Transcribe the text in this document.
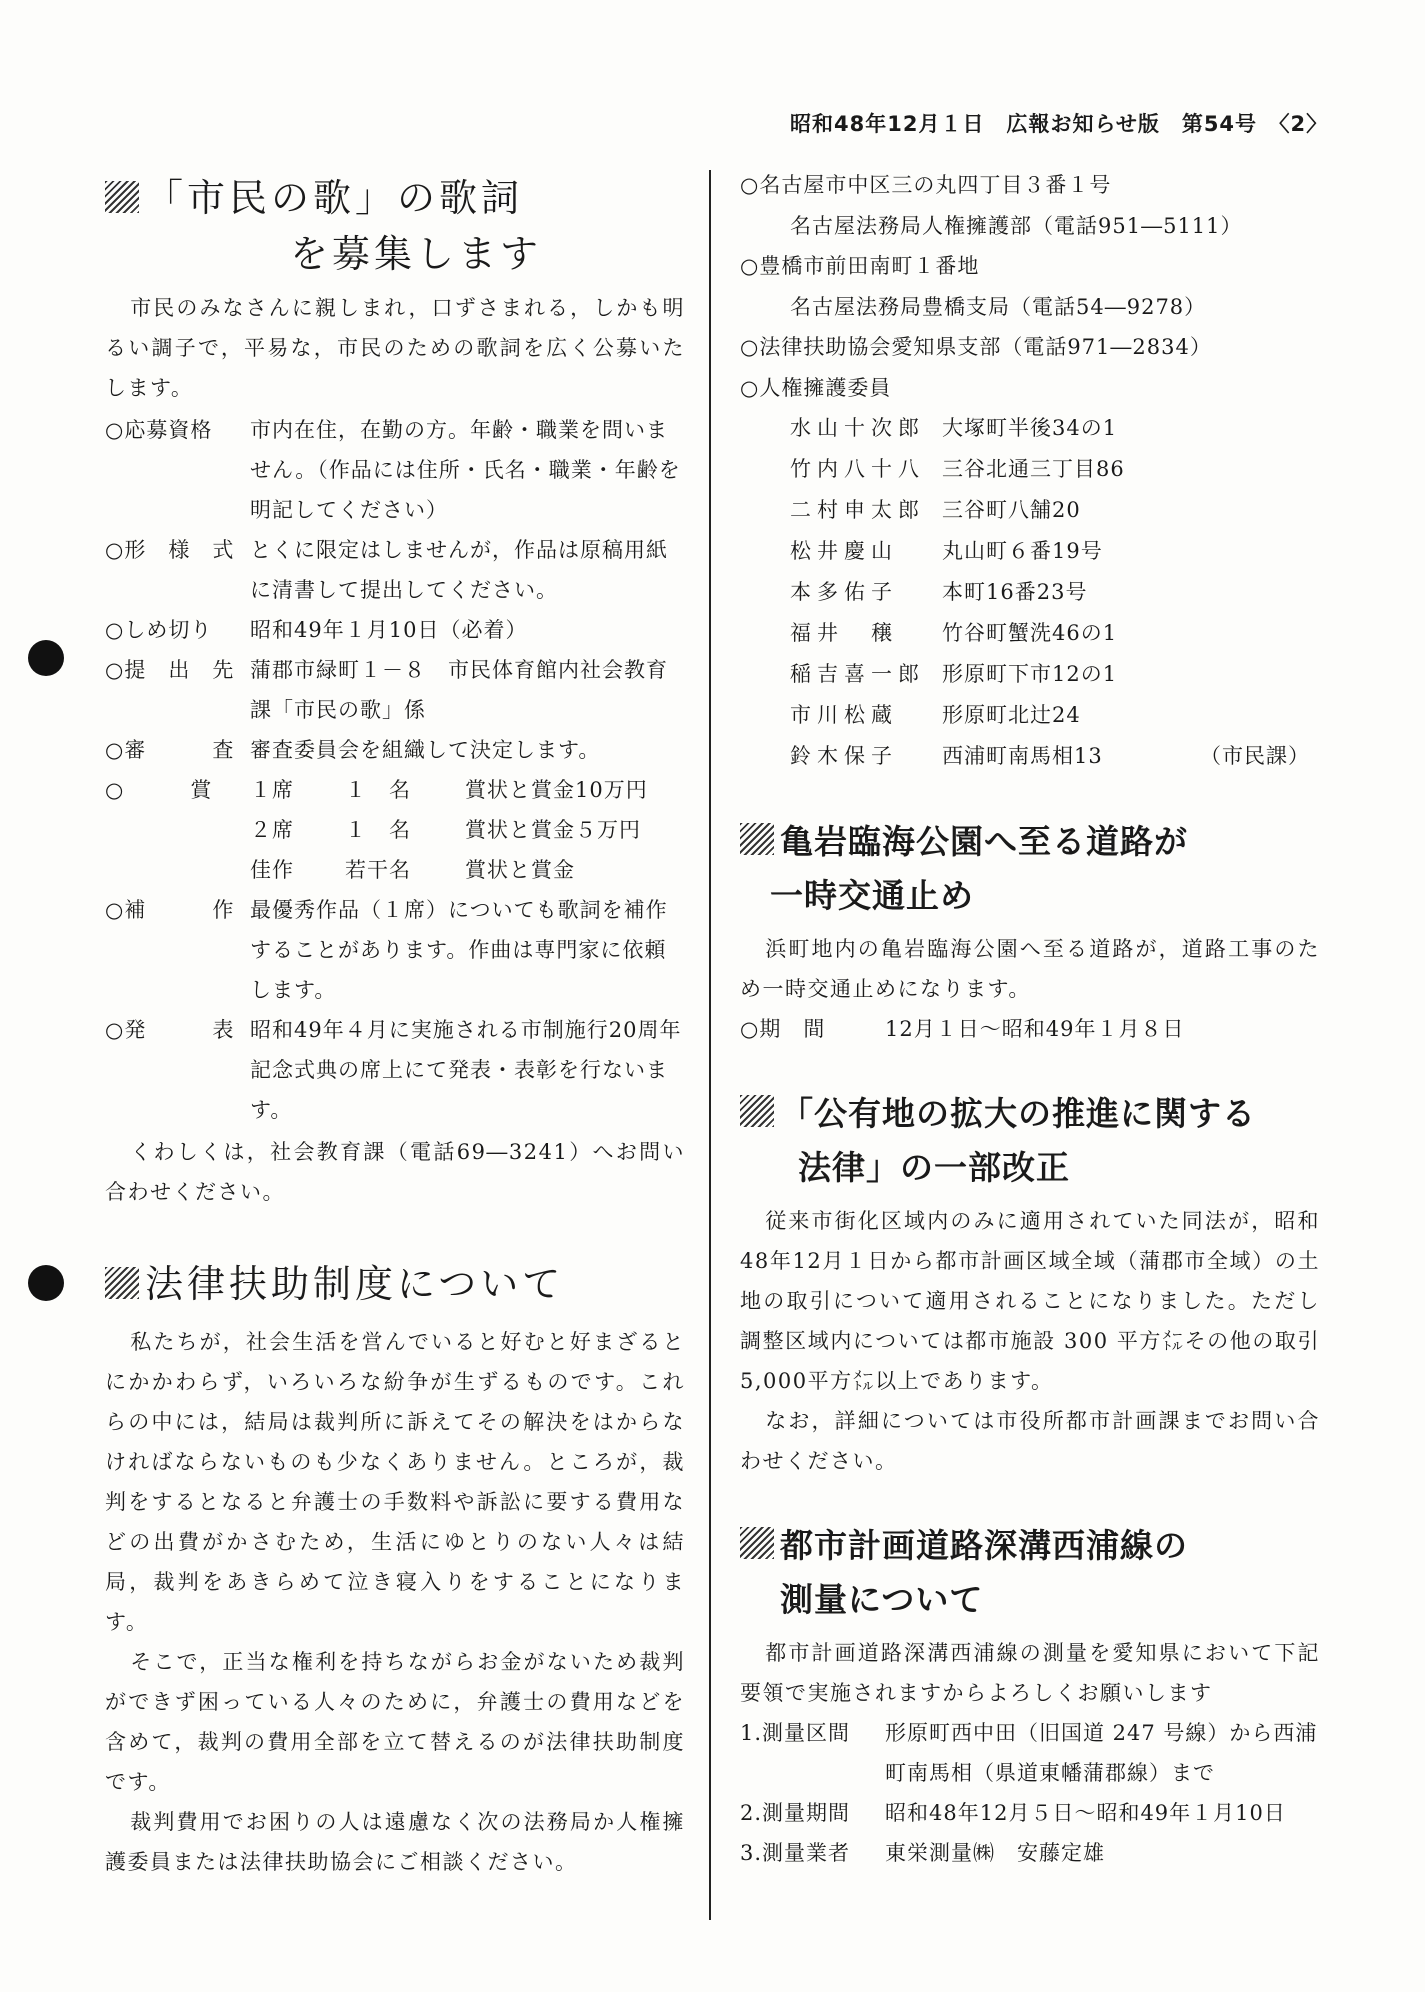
昭和48年12月１日　広報お知らせ版　第54号　〈2〉
「市民の歌」の歌詞
を募集します

市民のみなさんに親しまれ，口ずさまれる，しかも明るい調子で，平易な，市民のための歌詞を広く公募いたします。

○応募資格	市内在住，在勤の方。年齢・職業を問いません。（作品には住所・氏名・職業・年齢を明記してください）
○形　様　式 とくに限定はしませんが，作品は原稿用紙に清書して提出してください。
○しめ切り	昭和49年１月10日（必着）
○提　出　先 蒲郡市緑町１－８　市民体育館内社会教育課「市民の歌」係
○審　　　査 審査委員会を組織して決定します。
○　　　賞	１席	１　名	賞状と賞金10万円
２席	１　名	賞状と賞金５万円
佳作	若干名	賞状と賞金
○補　　　作 最優秀作品（１席）についても歌詞を補作することがあります。作曲は専門家に依頼します。
○発　　　表 昭和49年４月に実施される市制施行20周年記念式典の席上にて発表・表彰を行ないます。

くわしくは，社会教育課（電話69―3241）へお問い合わせください。

法律扶助制度について

私たちが，社会生活を営んでいると好むと好まざるとにかかわらず，いろいろな紛争が生ずるものです。これらの中には，結局は裁判所に訴えてその解決をはからなければならないものも少なくありません。ところが，裁判をするとなると弁護士の手数料や訴訟に要する費用などの出費がかさむため，生活にゆとりのない人々は結局，裁判をあきらめて泣き寝入りをすることになります。

そこで，正当な権利を持ちながらお金がないため裁判ができず困っている人々のために，弁護士の費用などを含めて，裁判の費用全部を立て替えるのが法律扶助制度です。

裁判費用でお困りの人は遠慮なく次の法務局か人権擁護委員または法律扶助協会にご相談ください。

○名古屋市中区三の丸四丁目３番１号
名古屋法務局人権擁護部（電話951―5111）
○豊橋市前田南町１番地
名古屋法務局豊橋支局（電話54―9278）
○法律扶助協会愛知県支部（電話971―2834）
○人権擁護委員
水山十次郎 大塚町半後34の1
竹内八十八 三谷北通三丁目86
二村申太郎 三谷町八舗20
松井慶山	丸山町６番19号
本多佑子	本町16番23号
福井　穣	竹谷町蟹洗46の1
稲吉喜一郎 形原町下市12の1
市川松蔵	形原町北辻24
鈴木保子	西浦町南馬相13	（市民課）
亀岩臨海公園へ至る道路が
一時交通止め

浜町地内の亀岩臨海公園へ至る道路が，道路工事のため一時交通止めになります。

○期　間	12月１日～昭和49年１月８日
「公有地の拡大の推進に関する
法律」の一部改正

従来市街化区域内のみに適用されていた同法が，昭和48年12月１日から都市計画区域全域（蒲郡市全域）の土地の取引について適用されることになりました。ただし調整区域内については都市施設 300 平方㍍その他の取引5,000平方㍍以上であります。

なお，詳細については市役所都市計画課までお問い合わせください。

都市計画道路深溝西浦線の
測量について

都市計画道路深溝西浦線の測量を愛知県において下記要領で実施されますからよろしくお願いします

1.測量区間	形原町西中田（旧国道 247 号線）から西浦町南馬相（県道東幡蒲郡線）まで
2.測量期間	昭和48年12月５日～昭和49年１月10日
3.測量業者	東栄測量㈱　安藤定雄
